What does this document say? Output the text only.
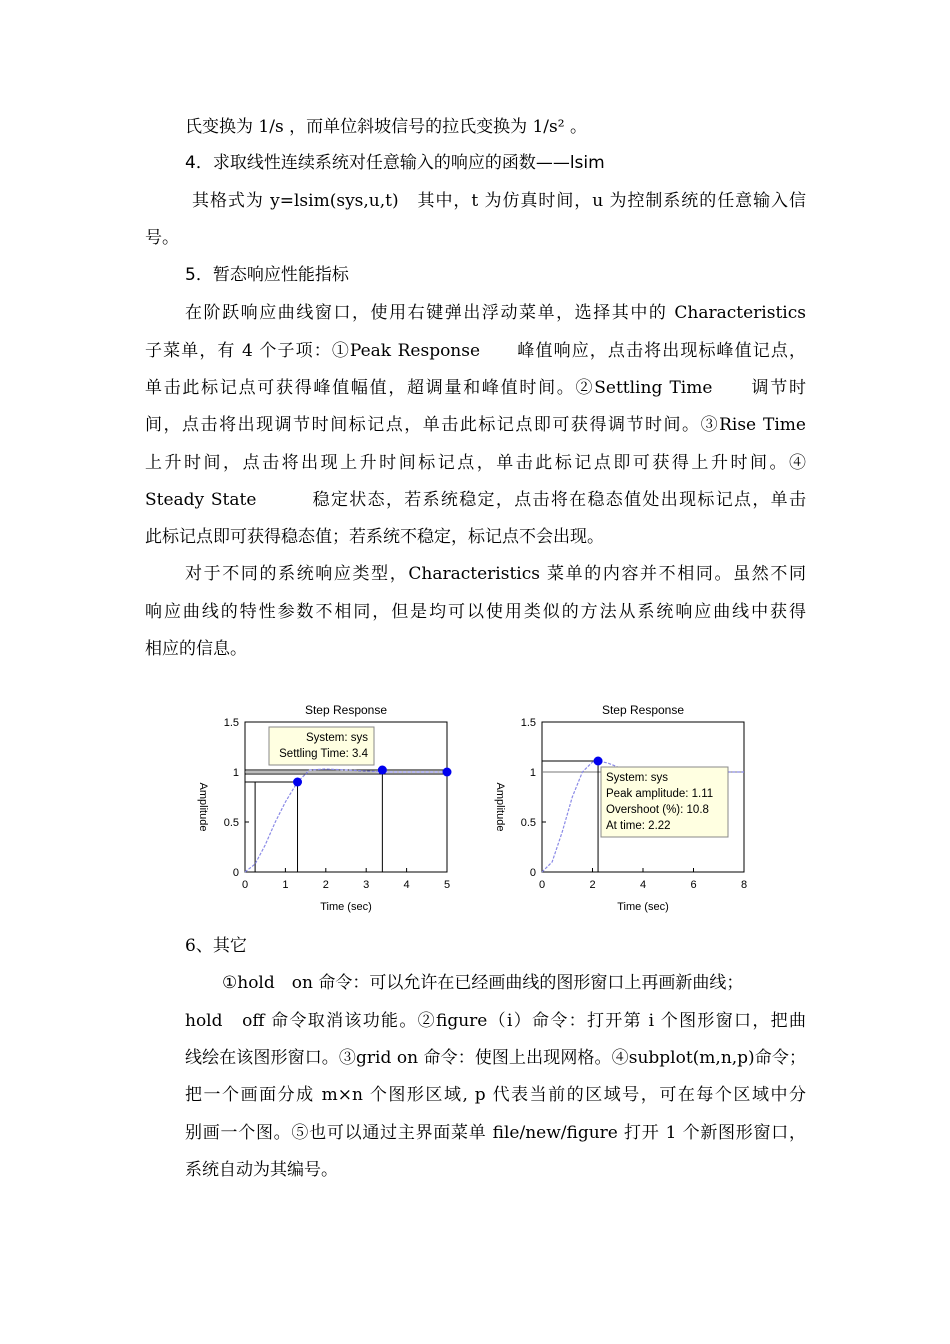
氏变换为 1/s ，而单位斜坡信号的拉氏变换为 1/s² 。
4．求取线性连续系统对任意输入的响应的函数——lsim
其格式为 y=lsim(sys,u,t)　其中，t 为仿真时间，u 为控制系统的任意输入信
号。
5．暂态响应性能指标
在阶跃响应曲线窗口，使用右键弹出浮动菜单，选择其中的 Characteristics
子菜单，有 4 个子项：①Peak Response　　峰值响应，点击将出现标峰值记点，
单击此标记点可获得峰值幅值，超调量和峰值时间。②Settling Time　　调节时
间，点击将出现调节时间标记点，单击此标记点即可获得调节时间。③Rise Time
上升时间，点击将出现上升时间标记点，单击此标记点即可获得上升时间。④
Steady State　　　稳定状态，若系统稳定，点击将在稳态值处出现标记点，单击
此标记点即可获得稳态值；若系统不稳定，标记点不会出现。
对于不同的系统响应类型，Characteristics 菜单的内容并不相同。虽然不同
响应曲线的特性参数不相同，但是均可以使用类似的方法从系统响应曲线中获得
相应的信息。
Step Response
0	1	2	3	4	5
0
0.5
1
1.5
Time (sec)
Amplitude
System: sys
Settling Time: 3.4
Step Response
0	2	4	6	8
0
0.5
1
1.5
Time (sec)
Amplitude
System: sys
Peak amplitude: 1.11
Overshoot (%): 10.8
At time: 2.22
6、其它
①hold　on 命令：可以允许在已经画曲线的图形窗口上再画新曲线；
hold　off 命令取消该功能。②figure（i）命令：打开第 i 个图形窗口，把曲
线绘在该图形窗口。③grid on 命令：使图上出现网格。④subplot(m,n,p)命令；
把一个画面分成 m×n 个图形区域, p 代表当前的区域号，可在每个区域中分
别画一个图。⑤也可以通过主界面菜单 file/new/figure 打开 1 个新图形窗口，
系统自动为其编号。
